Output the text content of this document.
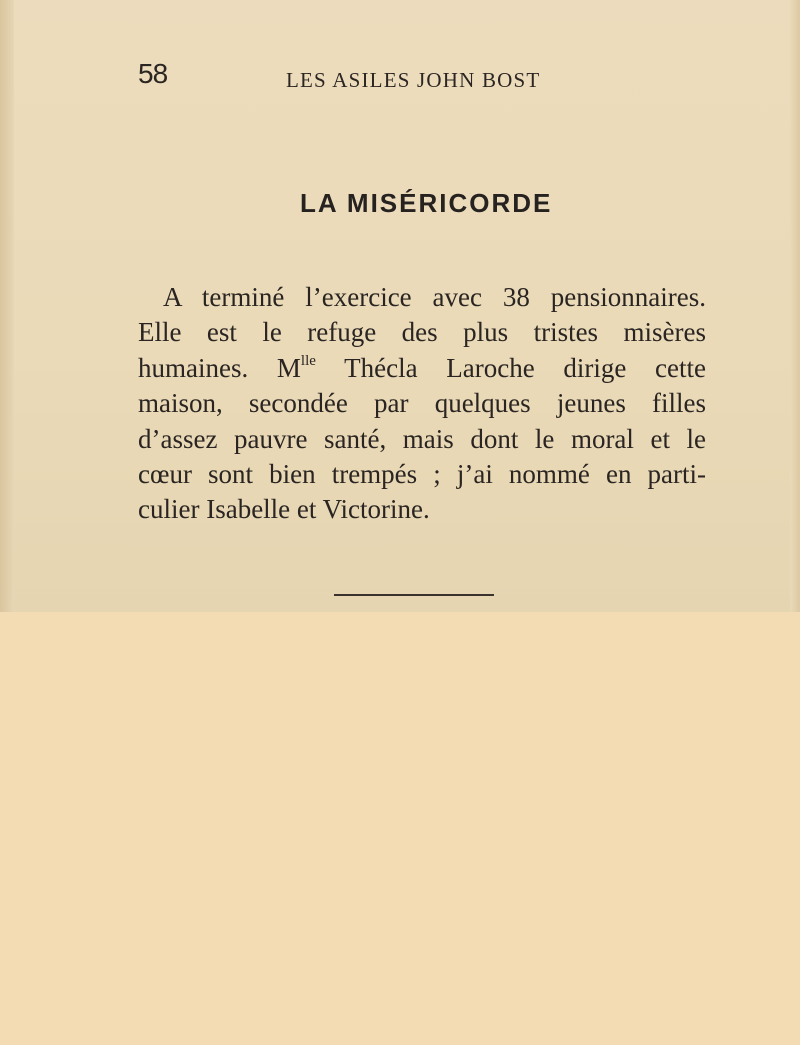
58	LES ASILES JOHN BOST
LA MISÉRICORDE
A terminé l’exercice avec 38 pensionnaires.
Elle est le refuge des plus tristes misères
humaines. $M^{lle}$ Thécla Laroche dirige cette
maison, secondée par quelques jeunes filles
d’assez pauvre santé, mais dont le moral et le
cœur sont bien trempés ; j’ai nommé en parti-
culier Isabelle et Victorine.
